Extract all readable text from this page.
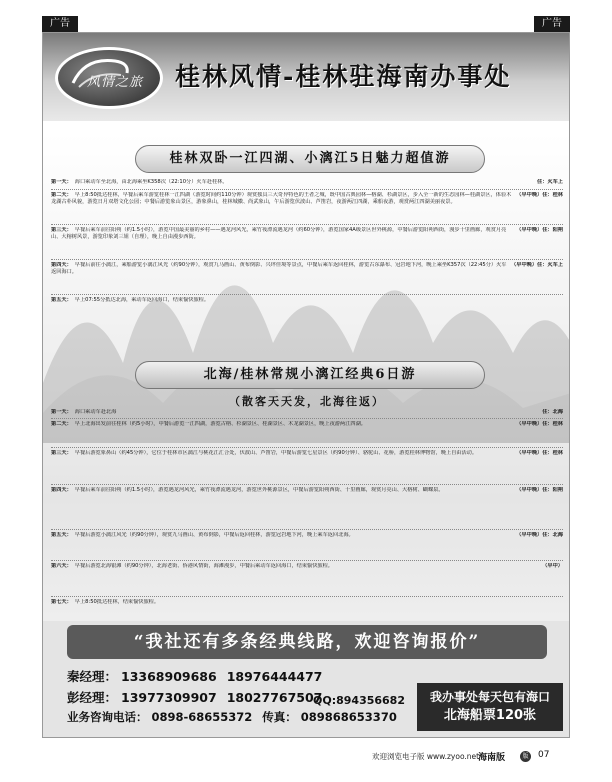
广告	广告
风情之旅 桂林风情-桂林驻海南办事处
桂林双卧一江四湖、小漓江5日魅力超值游
住：火车上
第一天： 海口乘动车至北海，由北海乘坐K358次（22:10分）火车赴桂林。
（早中晚）住：桂林
第二天： 早上8:50抵达桂林，早餐后乘车游览桂林一江四湖（游览时间约110分钟）观赏独具三大奇异特色的王者之城，既中国古典园林—榕湖、杉湖景区，步入全一新的生态园林—桂湖景区，体验木龙湖古朴风貌，游览日月双塔文化公园；中餐后游览象山景区，游象鼻山，桂林城徽、尚武象山，午后游览伏波山、芦笛岩，夜游两江四湖，乘船夜游，观赏两江四湖美丽夜景。
（早中晚）住：阳朔
第三天： 早餐后乘车前往阳朔（约1.5小时），游览中国最美丽的乡村——遇龙河风光，乘竹筏漂流遇龙河（约60分钟），游览国家4A级景区世外桃源，中餐后游览阳朔西街，漫步十里画廊，观赏月亮山、大榕树风景，游览印象刘三姐（自理），晚上自由漫步西街。
（早中晚）住：火车上
第四天： 早餐后前往小漓江，乘船游览小漓江风光（约90分钟），观赏九马画山、黄布倒影、兴坪佳境等景点，中餐后乘车返回桂林，游览古东瀑布、冠岩地下河，晚上乘坐K357次（22:45分）火车返回海口。
第五天： 早上07:55分抵达北海，乘动车返回海口，结束愉快旅程。
北海/桂林常规小漓江经典6日游
（散客天天发，北海往返）
住：北海
第一天： 海口乘动车赴北海
（早中晚）住：桂林
第二天： 早上北海出发前往桂林（约5小时），中餐后游览一江四湖，游览古榕、杉湖景区、桂湖景区、木龙湖景区，晚上夜游两江四湖。
（早中晚）住：桂林
第三天： 早餐后游览象鼻山（约45分钟），它位于桂林市区漓江与桃花江汇合处，伏波山、芦笛岩，中餐后游览七星景区（约90分钟）、骆驼山、花桥，游览桂林博物馆，晚上自由活动。
（早中晚）住：阳朔
第四天： 早餐后乘车前往阳朔（约1.5小时），游览遇龙河风光，乘竹筏漂流遇龙河，游览世外桃源景区，中餐后游览阳朔西街、十里画廊，观赏月亮山、大榕树、蝴蝶泉。
（早中晚）住：北海
第五天： 早餐后游览小漓江风光（约90分钟），观赏九马画山、黄布倒影，中餐后返回桂林，游览冠岩地下河，晚上乘车返回北海。
（早中）
第六天： 早餐后游览北海银滩（约90分钟），北海老街、侨港风情街，海滩漫步，中餐后乘动车返回海口，结束愉快旅程。
第七天： 早上8:50抵达桂林，结束愉快旅程。
“我社还有多条经典线路，欢迎咨询报价”
秦经理： 13368909686 18976444477
彭经理： 13977309907 18027767507
QQ:894356682
业务咨询电话： 0898-68655372 传真： 089868653370
我办事处每天包有海口
北海船票120张
欢迎浏览电子版 www.zyoo.net
海南版	版 07
